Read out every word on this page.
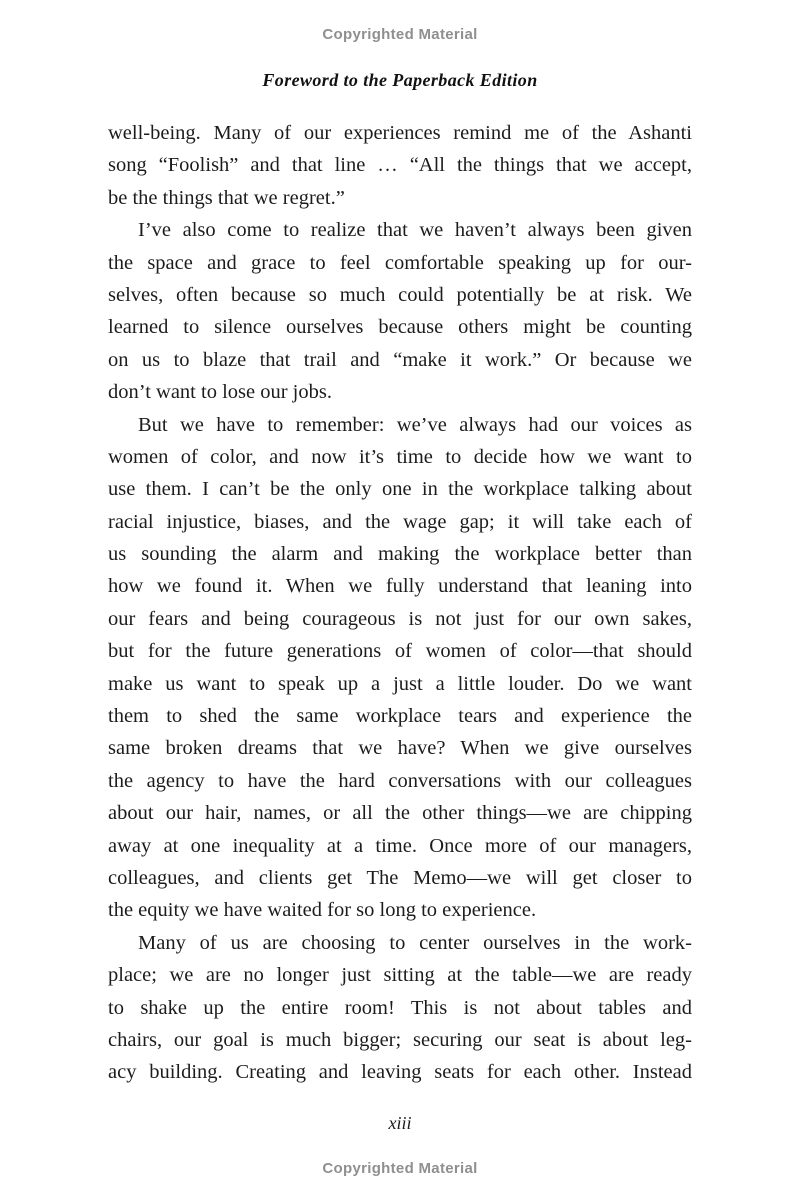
Copyrighted Material
Foreword to the Paperback Edition
well-being. Many of our experiences remind me of the Ashanti
song “Foolish” and that line … “All the things that we accept,
be the things that we regret.”
I’ve also come to realize that we haven’t always been given
the space and grace to feel comfortable speaking up for our-
selves, often because so much could potentially be at risk. We
learned to silence ourselves because others might be counting
on us to blaze that trail and “make it work.” Or because we
don’t want to lose our jobs.
But we have to remember: we’ve always had our voices as
women of color, and now it’s time to decide how we want to
use them. I can’t be the only one in the workplace talking about
racial injustice, biases, and the wage gap; it will take each of
us sounding the alarm and making the workplace better than
how we found it. When we fully understand that leaning into
our fears and being courageous is not just for our own sakes,
but for the future generations of women of color—that should
make us want to speak up a just a little louder. Do we want
them to shed the same workplace tears and experience the
same broken dreams that we have? When we give ourselves
the agency to have the hard conversations with our colleagues
about our hair, names, or all the other things—we are chipping
away at one inequality at a time. Once more of our managers,
colleagues, and clients get The Memo—we will get closer to
the equity we have waited for so long to experience.
Many of us are choosing to center ourselves in the work-
place; we are no longer just sitting at the table—we are ready
to shake up the entire room! This is not about tables and
chairs, our goal is much bigger; securing our seat is about leg-
acy building. Creating and leaving seats for each other. Instead
xiii
Copyrighted Material
